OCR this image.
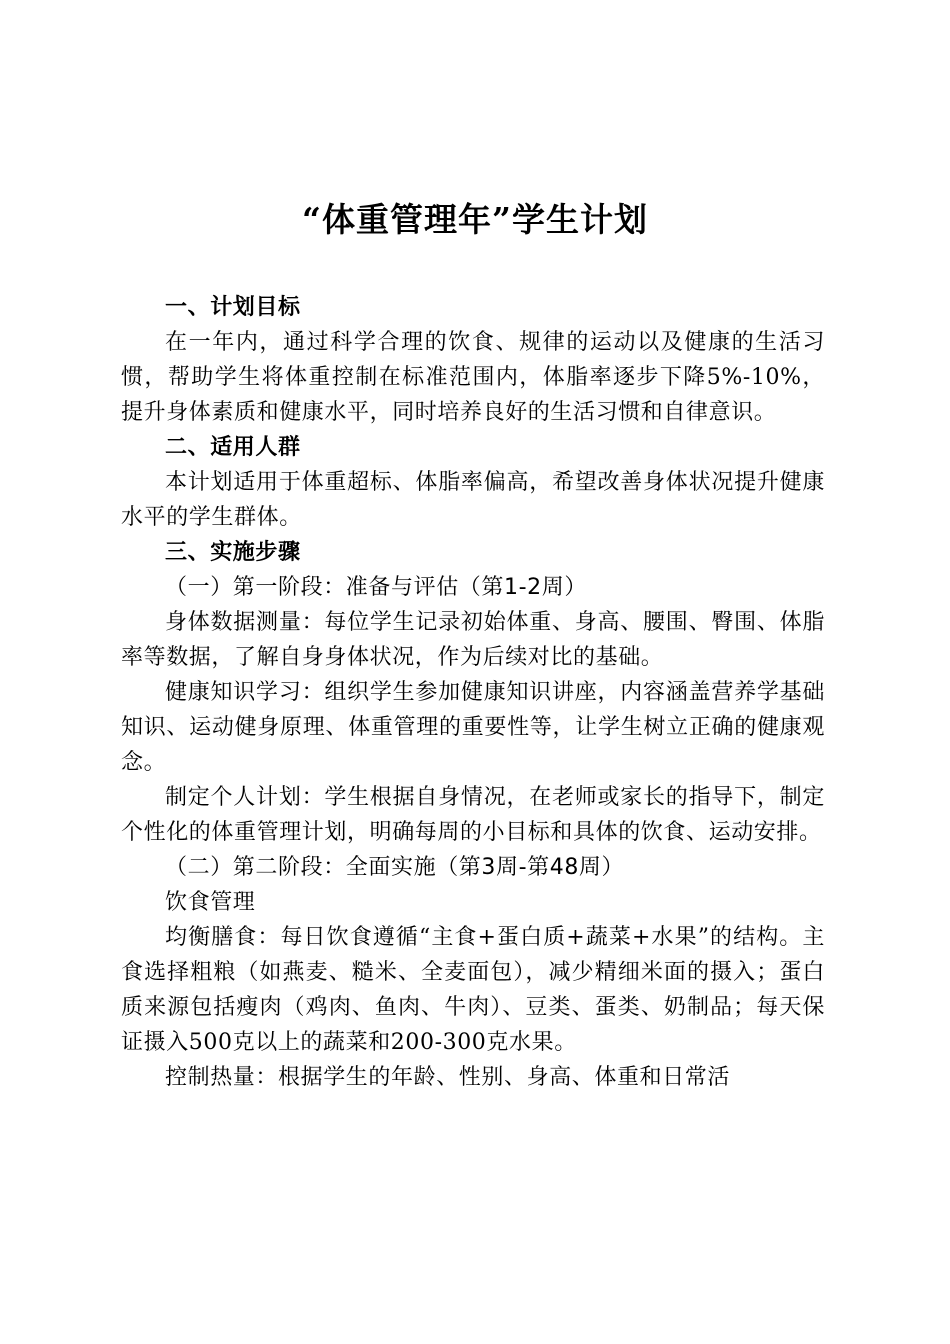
“体重管理年”学生计划

一、计划目标

在一年内，通过科学合理的饮食、规律的运动以及健康的生活习惯，帮助学生将体重控制在标准范围内，体脂率逐步下降5%-10%，提升身体素质和健康水平，同时培养良好的生活习惯和自律意识。

二、适用人群

本计划适用于体重超标、体脂率偏高，希望改善身体状况提升健康水平的学生群体。

三、实施步骤

（一）第一阶段：准备与评估（第1-2周）

身体数据测量：每位学生记录初始体重、身高、腰围、臀围、体脂率等数据，了解自身身体状况，作为后续对比的基础。

健康知识学习：组织学生参加健康知识讲座，内容涵盖营养学基础知识、运动健身原理、体重管理的重要性等，让学生树立正确的健康观念。

制定个人计划：学生根据自身情况，在老师或家长的指导下，制定个性化的体重管理计划，明确每周的小目标和具体的饮食、运动安排。

（二）第二阶段：全面实施（第3周-第48周）

饮食管理

均衡膳食：每日饮食遵循“主食+蛋白质+蔬菜+水果”的结构。主食选择粗粮（如燕麦、糙米、全麦面包），减少精细米面的摄入；蛋白质来源包括瘦肉（鸡肉、鱼肉、牛肉）、豆类、蛋类、奶制品；每天保证摄入500克以上的蔬菜和200-300克水果。

控制热量：根据学生的年龄、性别、身高、体重和日常活
